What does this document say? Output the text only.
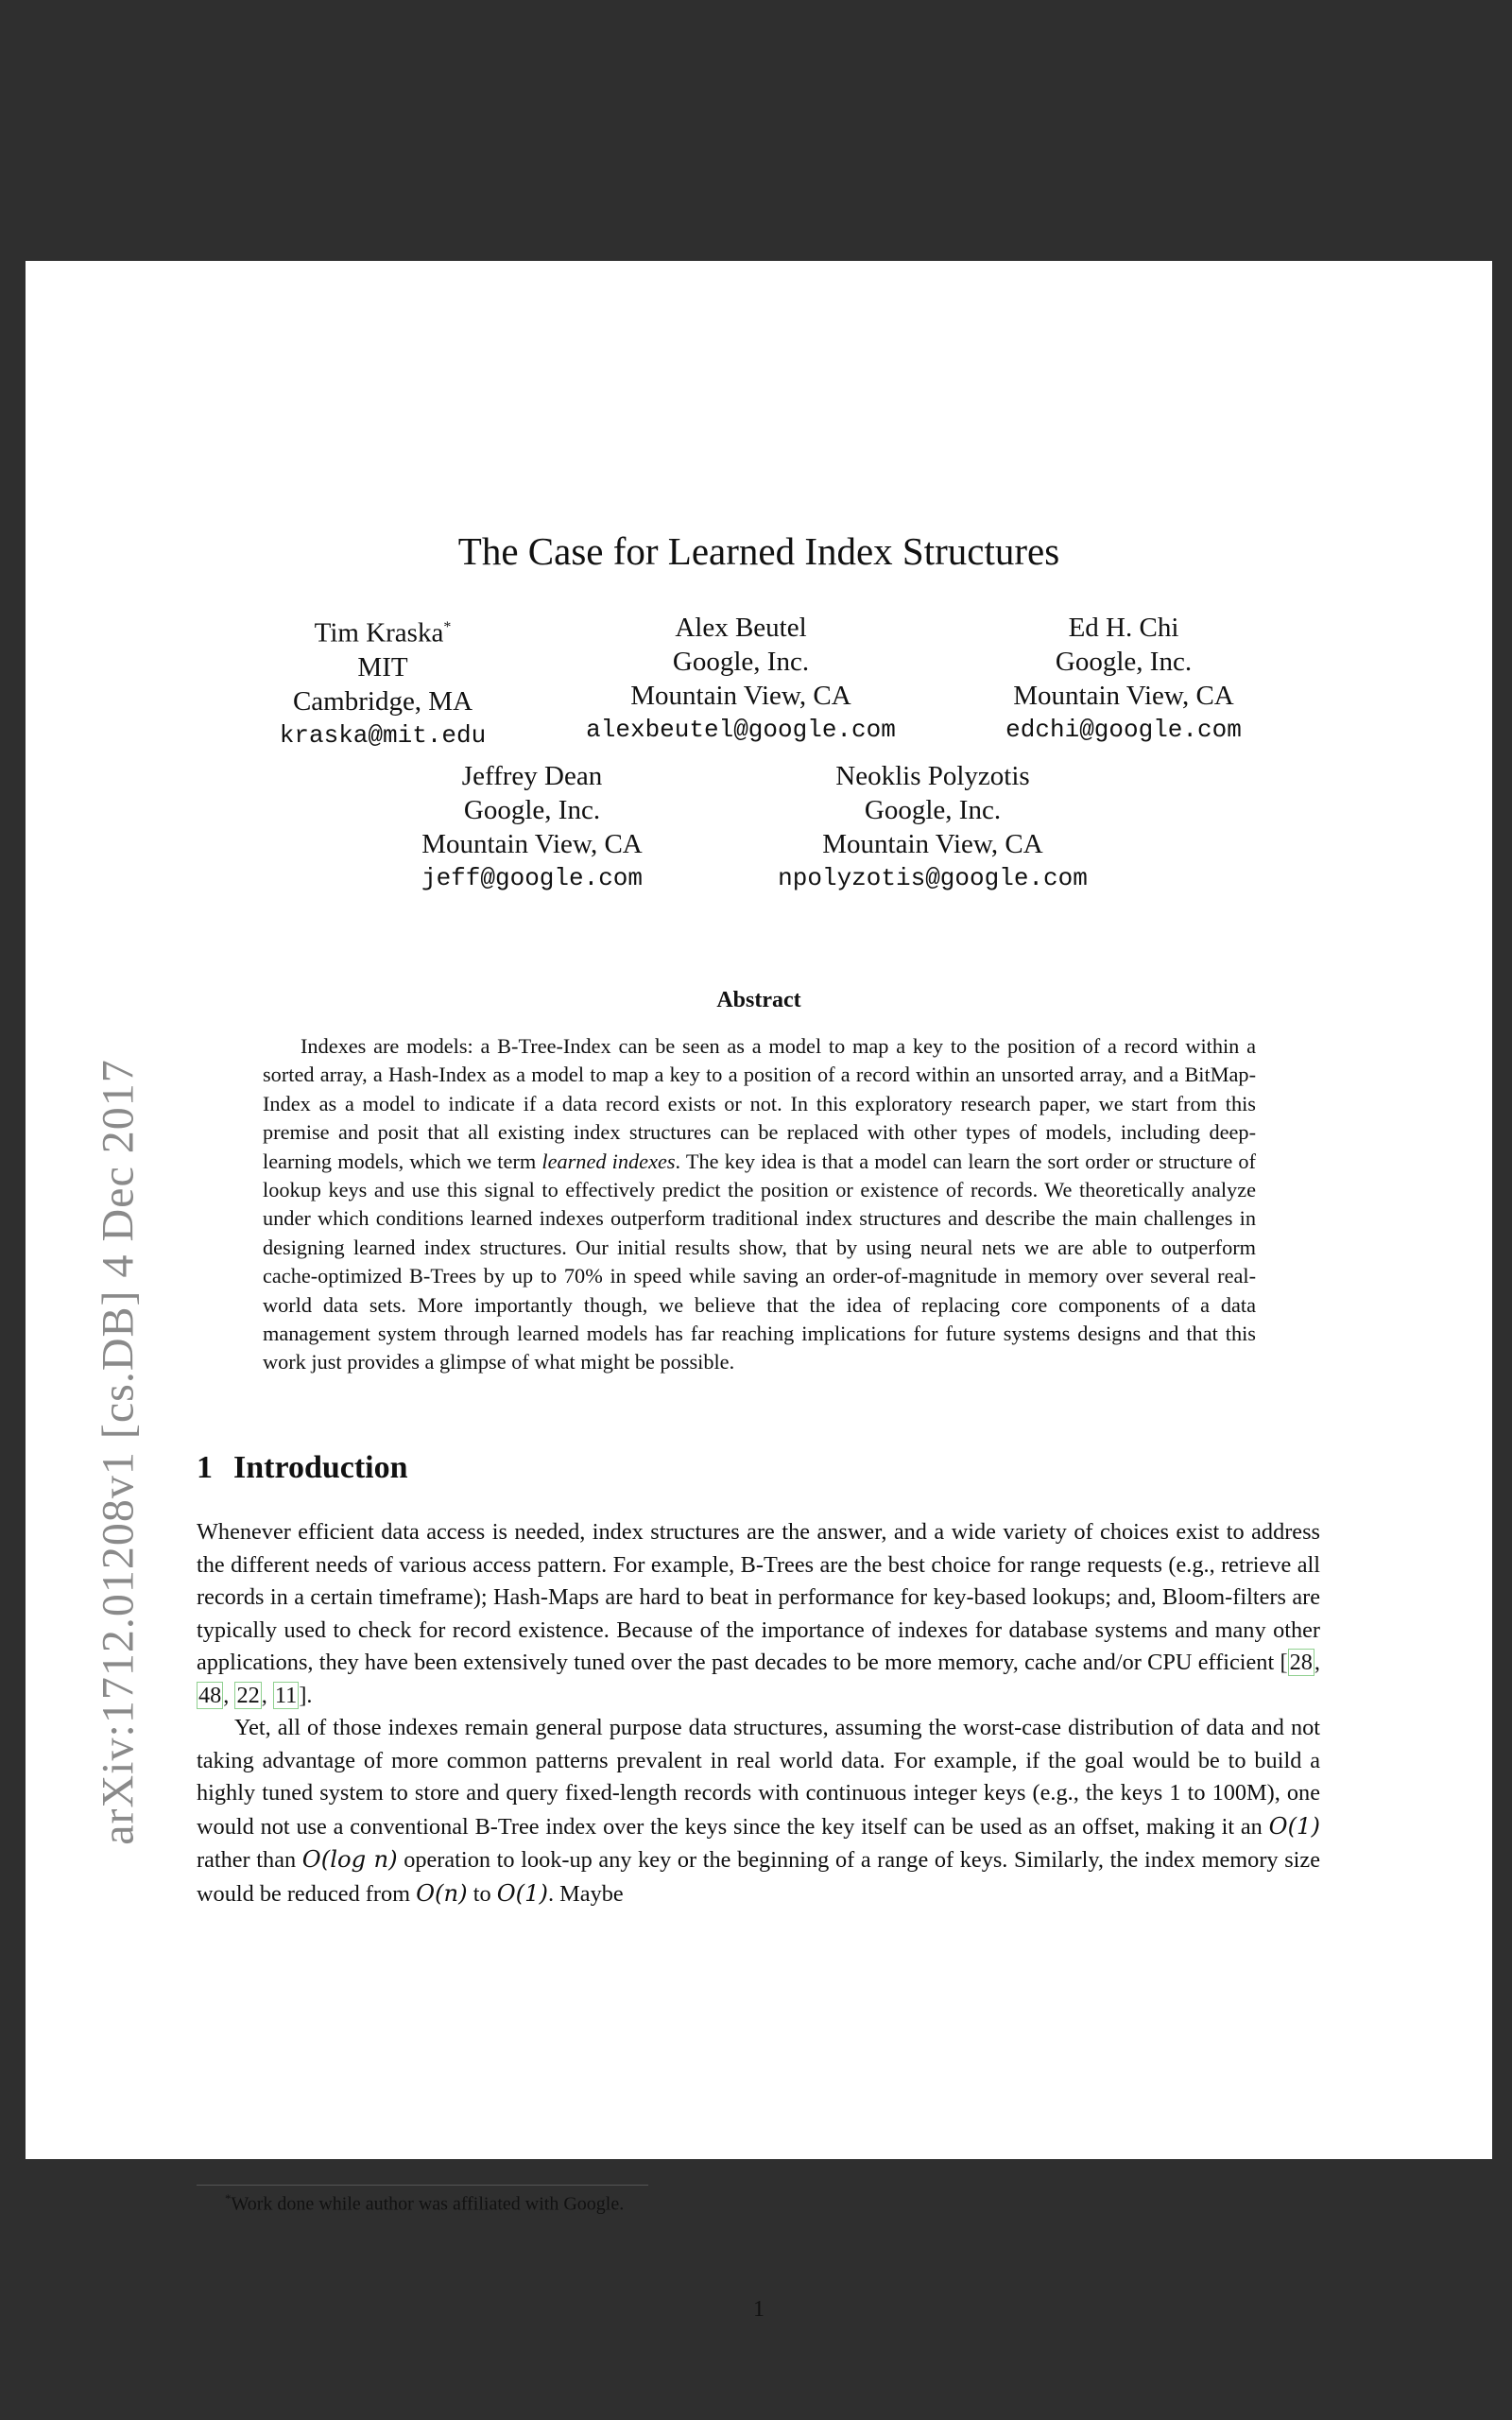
arXiv:1712.01208v1 [cs.DB] 4 Dec 2017
The Case for Learned Index Structures
Tim Kraska*
MIT
Cambridge, MA
kraska@mit.edu
Alex Beutel
Google, Inc.
Mountain View, CA
alexbeutel@google.com
Ed H. Chi
Google, Inc.
Mountain View, CA
edchi@google.com
Jeffrey Dean
Google, Inc.
Mountain View, CA
jeff@google.com
Neoklis Polyzotis
Google, Inc.
Mountain View, CA
npolyzotis@google.com
Abstract

Indexes are models: a B-Tree-Index can be seen as a model to map a key to the position of a record within a sorted array, a Hash-Index as a model to map a key to a position of a record within an unsorted array, and a BitMap-Index as a model to indicate if a data record exists or not. In this exploratory research paper, we start from this premise and posit that all existing index structures can be replaced with other types of models, including deep-learning models, which we term learned indexes. The key idea is that a model can learn the sort order or structure of lookup keys and use this signal to effectively predict the position or existence of records. We theoretically analyze under which conditions learned indexes outperform traditional index structures and describe the main challenges in designing learned index structures. Our initial results show, that by using neural nets we are able to outperform cache-optimized B-Trees by up to 70% in speed while saving an order-of-magnitude in memory over several real-world data sets. More importantly though, we believe that the idea of replacing core components of a data management system through learned models has far reaching implications for future systems designs and that this work just provides a glimpse of what might be possible.

1 Introduction

Whenever efficient data access is needed, index structures are the answer, and a wide variety of choices exist to address the different needs of various access pattern. For example, B-Trees are the best choice for range requests (e.g., retrieve all records in a certain timeframe); Hash-Maps are hard to beat in performance for key-based lookups; and, Bloom-filters are typically used to check for record existence. Because of the importance of indexes for database systems and many other applications, they have been extensively tuned over the past decades to be more memory, cache and/or CPU efficient [28, 48, 22, 11].

Yet, all of those indexes remain general purpose data structures, assuming the worst-case distribution of data and not taking advantage of more common patterns prevalent in real world data. For example, if the goal would be to build a highly tuned system to store and query fixed-length records with continuous integer keys (e.g., the keys 1 to 100M), one would not use a conventional B-Tree index over the keys since the key itself can be used as an offset, making it an O(1) rather than O(log n) operation to look-up any key or the beginning of a range of keys. Similarly, the index memory size would be reduced from O(n) to O(1). Maybe

*Work done while author was affiliated with Google.

1
